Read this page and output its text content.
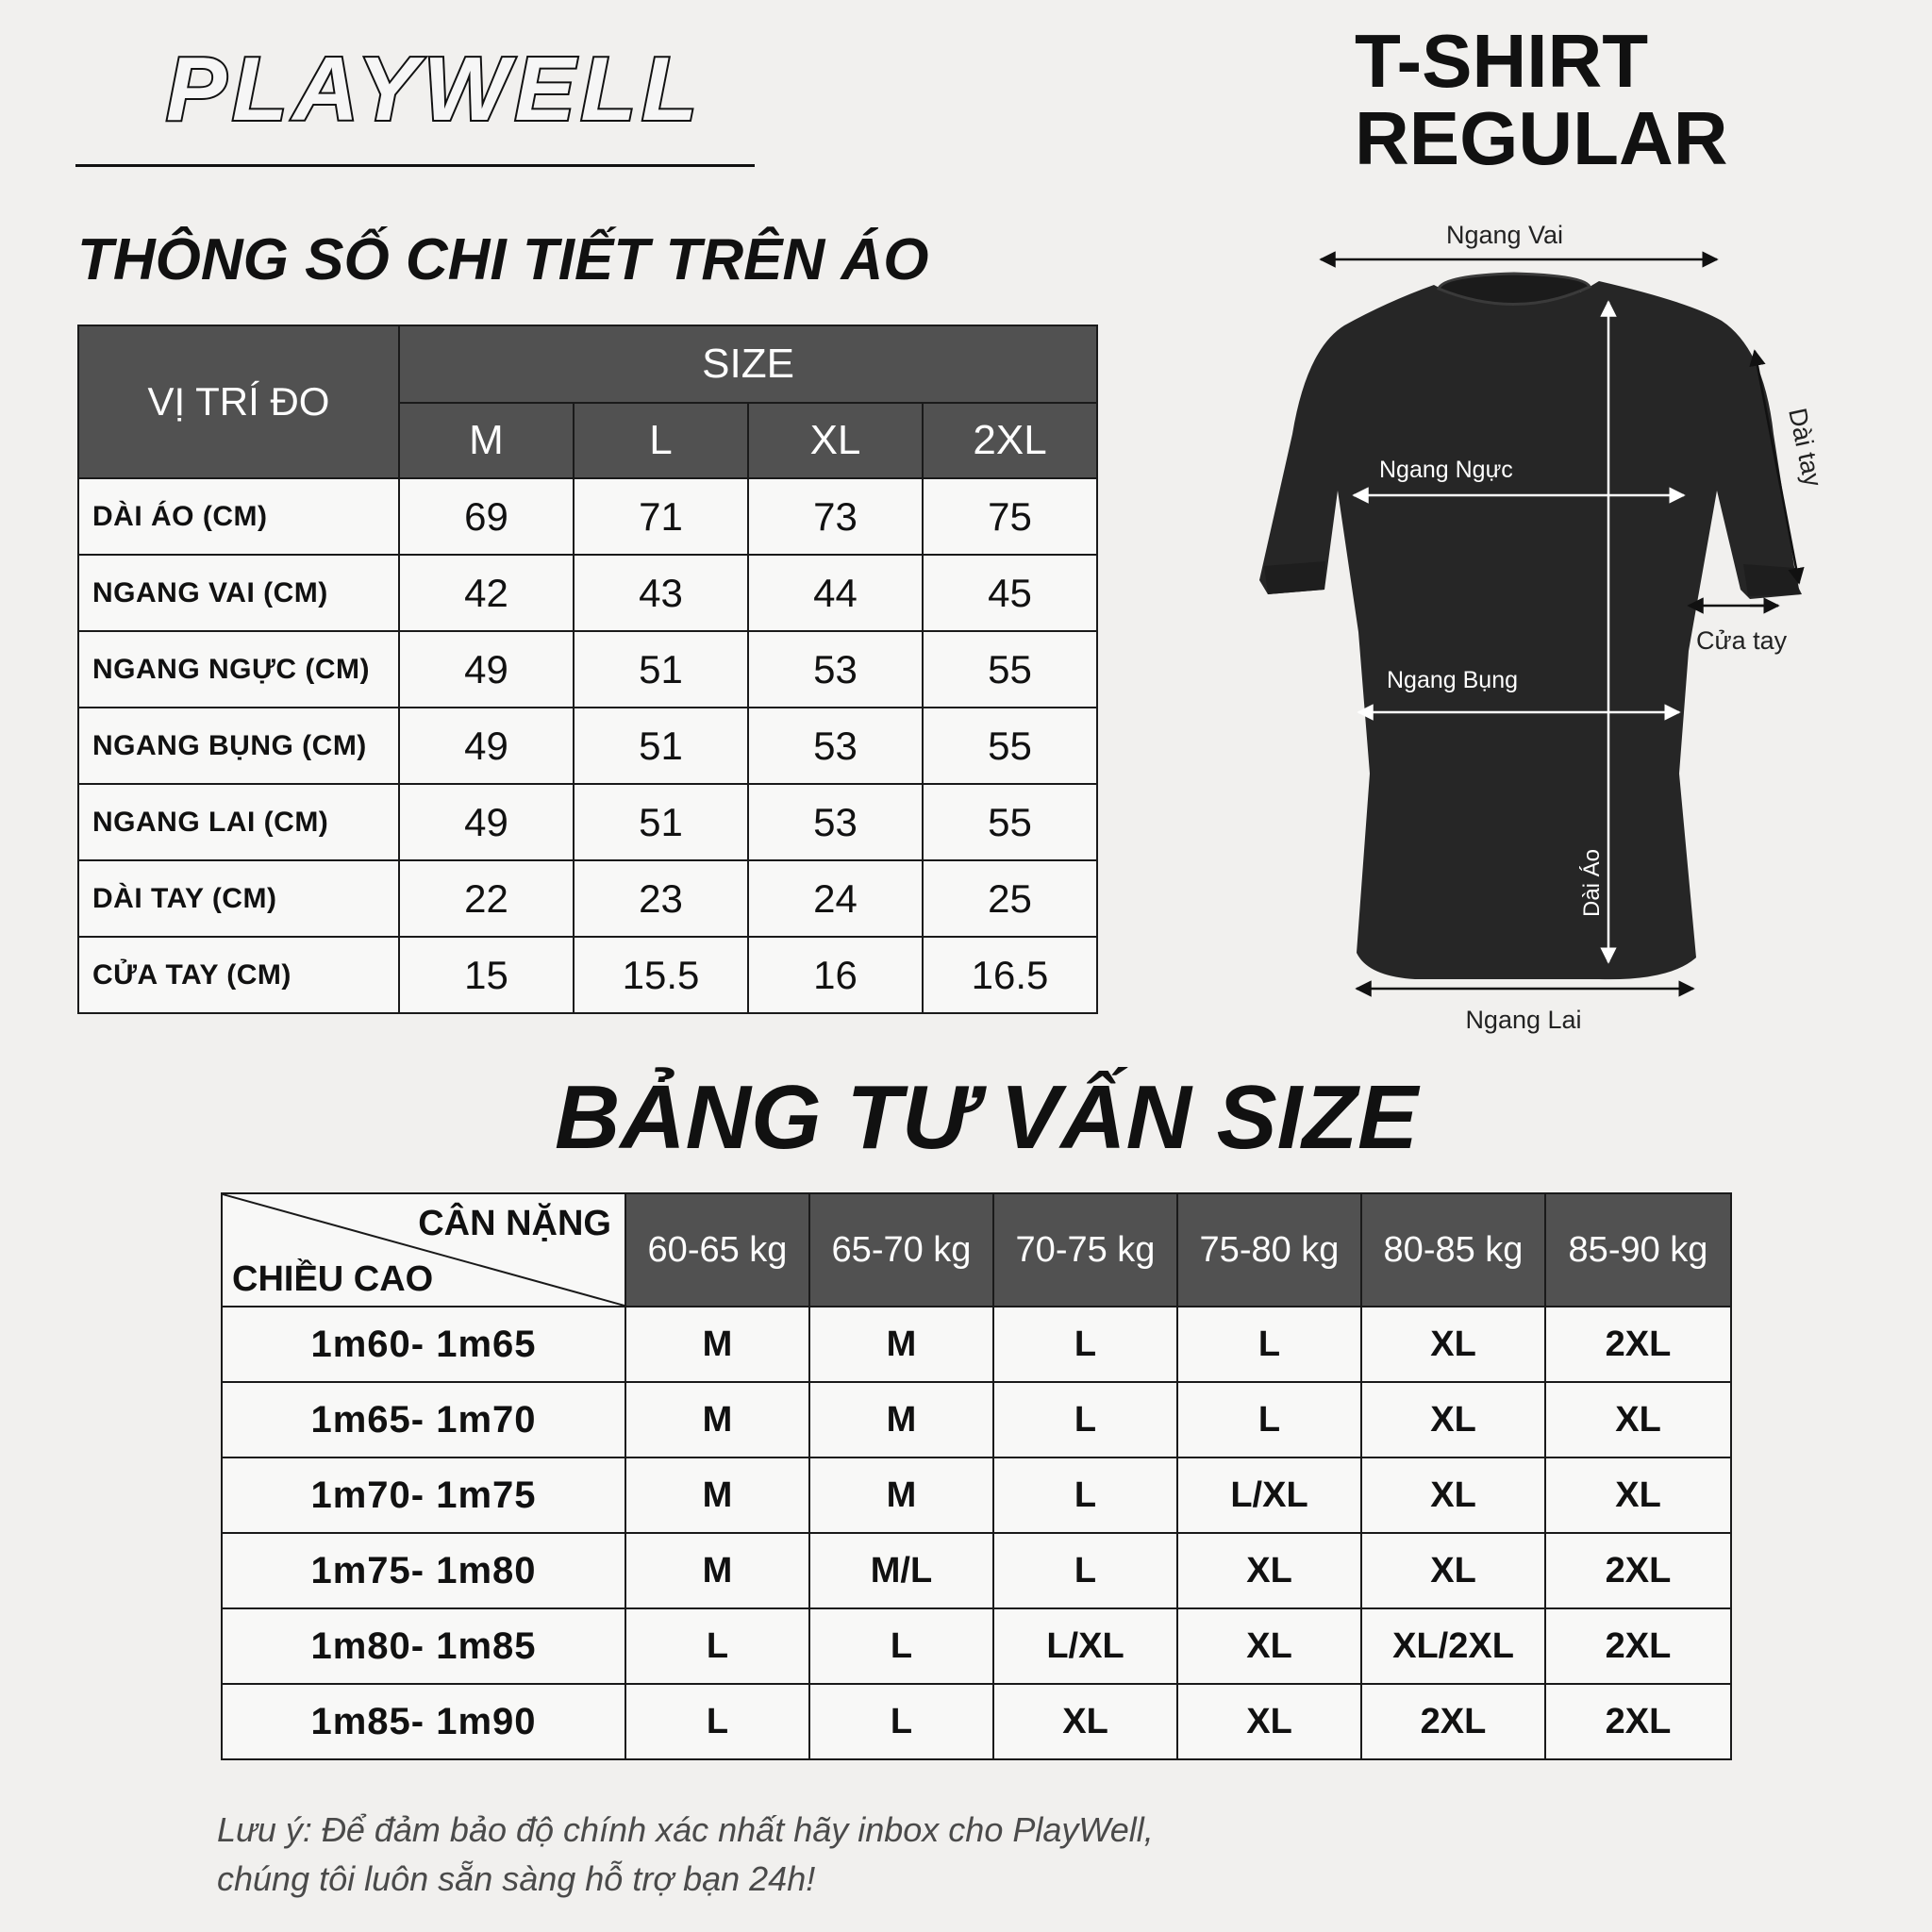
PLAYWELL	T-SHIRT
REGULAR
THÔNG SỐ CHI TIẾT TRÊN ÁO
VỊ TRÍ ĐO	SIZE			
	M	L	XL	2XL
DÀI ÁO (CM)	69	71	73	75
NGANG VAI (CM)	42	43	44	45
NGANG NGỰC (CM)	49	51	53	55
NGANG BỤNG (CM)	49	51	53	55
NGANG LAI (CM)	49	51	53	55
DÀI TAY (CM)	22	23	24	25
CỬA TAY (CM)	15	15.5	16	16.5
Ngang Vai
Ngang Ngực
Ngang Bụng
Dài Áo
Dài tay
Cửa tay
Ngang Lai
BẢNG TƯ VẤN SIZE
CÂN NẶNG
CHIỀU CAO	60-65 kg	65-70 kg	70-75 kg	75-80 kg	80-85 kg	85-90 kg
1m60- 1m65	M	M	L	L	XL	2XL
1m65- 1m70	M	M	L	L	XL	XL
1m70- 1m75	M	M	L	L/XL	XL	XL
1m75- 1m80	M	M/L	L	XL	XL	2XL
1m80- 1m85	L	L	L/XL	XL	XL/2XL	2XL
1m85- 1m90	L	L	XL	XL	2XL	2XL
Lưu ý: Để đảm bảo độ chính xác nhất hãy inbox cho PlayWell,
chúng tôi luôn sẵn sàng hỗ trợ bạn 24h!
